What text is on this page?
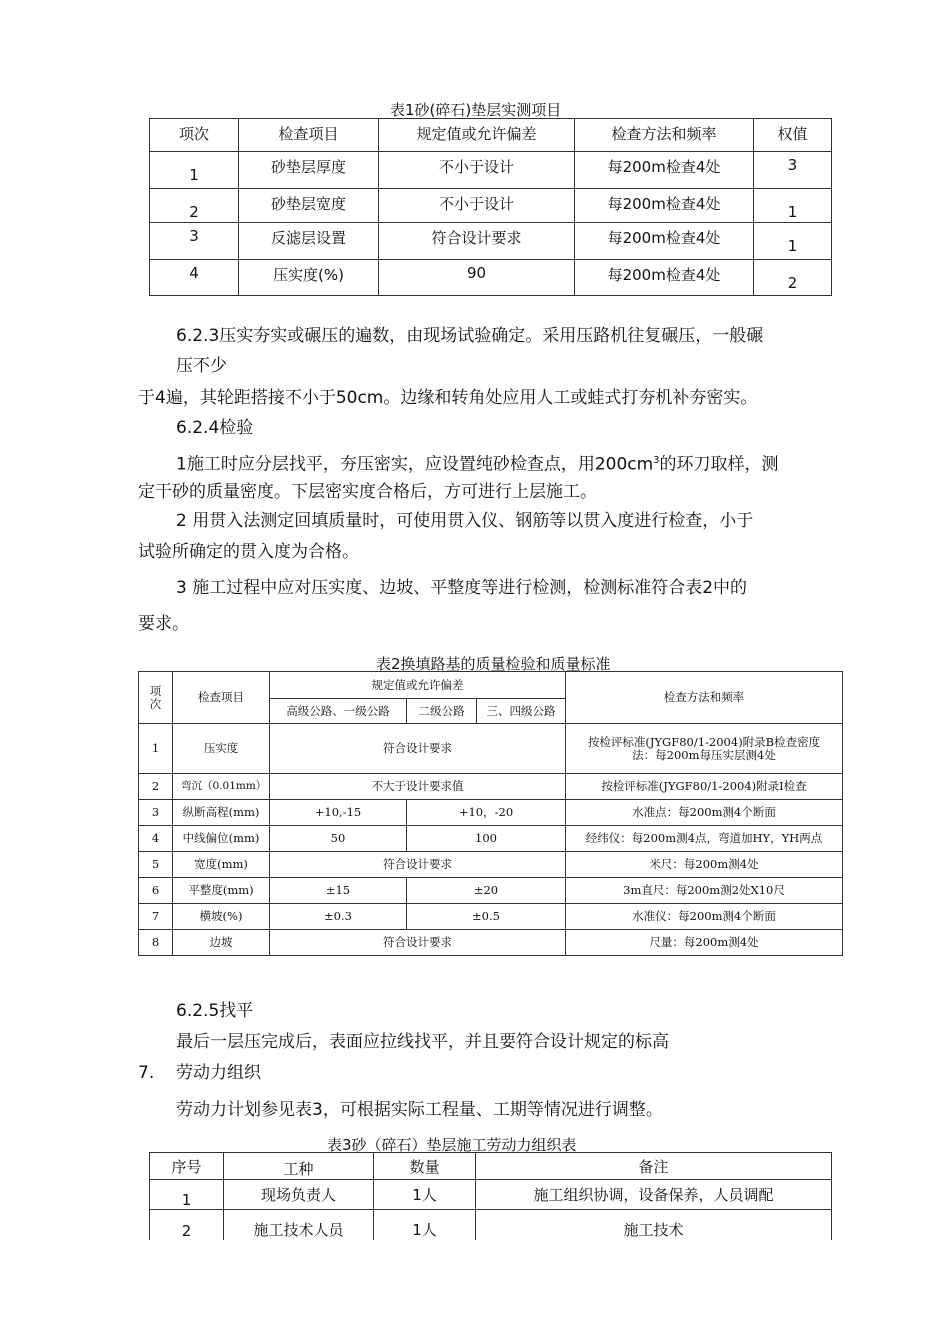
表1砂(碎石)垫层实测项目
项次	检查项目	规定值或允许偏差	检查方法和频率	权值
1	砂垫层厚度	不小于设计	每200m检查4处	3
2	砂垫层宽度	不小于设计	每200m检查4处	1
3	反滤层设置	符合设计要求	每200m检查4处	1
4	压实度(%)	90	每200m检查4处	2
6.2.3压实夯实或碾压的遍数，由现场试验确定。采用压路机往复碾压，一般碾
压不少
于4遍，其轮距搭接不小于50cm。边缘和转角处应用人工或蛙式打夯机补夯密实。
6.2.4检验
1施工时应分层找平，夯压密实，应设置纯砂检查点，用$200cm^3$的环刀取样，测
定干砂的质量密度。下层密实度合格后，方可进行上层施工。
2 用贯入法测定回填质量时，可使用贯入仪、钢筋等以贯入度进行检查，小于
试验所确定的贯入度为合格。
3 施工过程中应对压实度、边坡、平整度等进行检测，检测标准符合表2中的
要求。
表2换填路基的质量检验和质量标准
项
次	检查项目	规定值或允许偏差			检查方法和频率
		高级公路、一级公路	二级公路	三、四级公路	
1	压实度	符合设计要求			按检评标准(JYGF80/1-2004)附录B检查密度法：每200m每压实层测4处
2	弯沉（0.01mm）	不大于设计要求值			按检评标准(JYGF80/1-2004)附录I检查
3	纵断高程(mm)	+10,-15	+10，-20		水准点：每200m测4个断面
4	中线偏位(mm)	50	100		经纬仪：每200m测4点，弯道加HY，YH两点
5	宽度(mm)	符合设计要求			米尺：每200m测4处
6	平整度(mm)	±15	±20		3m直尺：每200m测2处X10尺
7	横坡(%)	±0.3	±0.5		水准仪：每200m测4个断面
8	边坡	符合设计要求			尺量：每200m测4处
6.2.5找平
最后一层压完成后，表面应拉线找平，并且要符合设计规定的标高
7. 劳动力组织
劳动力计划参见表3，可根据实际工程量、工期等情况进行调整。
表3砂（碎石）垫层施工劳动力组织表
序号	工种	数量	备注
1	现场负责人	1人	施工组织协调，设备保养，人员调配
2	施工技术人员	1人	施工技术
